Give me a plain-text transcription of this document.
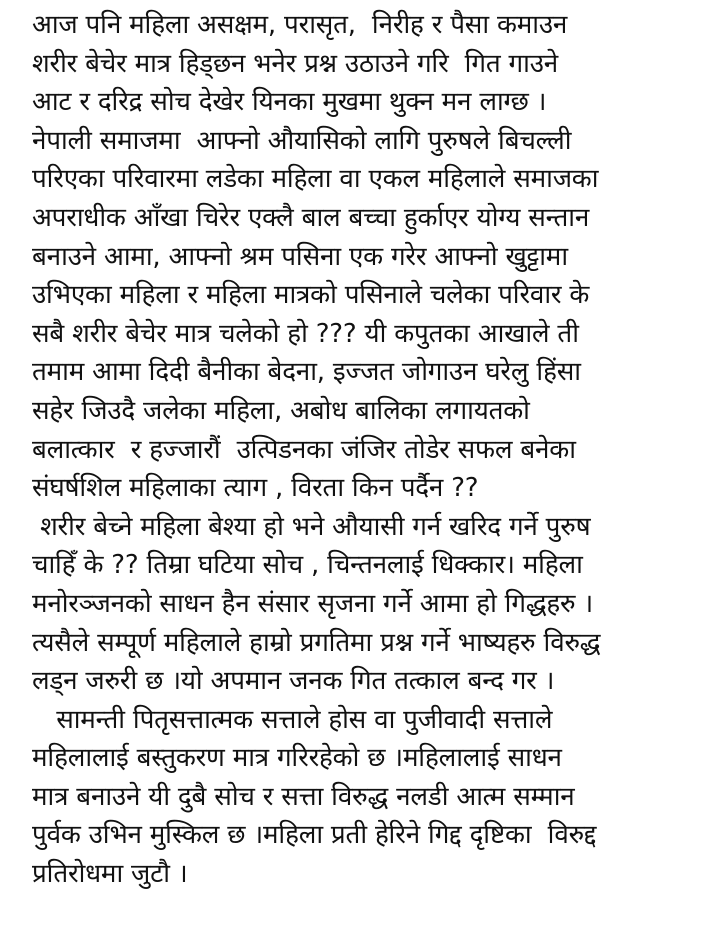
आज पनि महिला असक्षम, परासृत,  निरीह र पैसा कमाउन
शरीर बेचेर मात्र हिड्छन भनेर प्रश्न उठाउने गरि  गित गाउने
आट र दरिद्र सोच देखेर यिनका मुखमा थुक्न मन लाग्छ ।
नेपाली समाजमा  आफ्नो औयासिको लागि पुरुषले बिचल्ली
परिएका परिवारमा लडेका महिला वा एकल महिलाले समाजका
अपराधीक आँखा चिरेर एक्लै बाल बच्चा हुर्काएर योग्य सन्तान
बनाउने आमा, आफ्नो श्रम पसिना एक गरेर आफ्नो खुट्टामा
उभिएका महिला र महिला मात्रको पसिनाले चलेका परिवार के
सबै शरीर बेचेर मात्र चलेको हो ??? यी कपुतका आखाले ती
तमाम आमा दिदी बैनीका बेदना, इज्जत जोगाउन घरेलु हिंसा
सहेर जिउदै जलेका महिला, अबोध बालिका लगायतको
बलात्कार  र हज्जारौं  उत्पिडनका जंजिर तोडेर सफल बनेका
संघर्षशिल महिलाका त्याग , विरता किन पर्दैन ??
शरीर बेच्ने महिला बेश्या हो भने औयासी गर्न खरिद गर्ने पुरुष
चाहिँ के ?? तिम्रा घटिया सोच , चिन्तनलाई धिक्कार। महिला
मनोरञ्जनको साधन हैन संसार सृजना गर्ने आमा हो गिद्धहरु ।
त्यसैले सम्पूर्ण महिलाले हाम्रो प्रगतिमा प्रश्न गर्ने भाष्यहरु विरुद्ध
लड्न जरुरी छ ।यो अपमान जनक गित तत्काल बन्द गर ।
सामन्ती पितृसत्तात्मक सत्ताले होस वा पुजीवादी सत्ताले
महिलालाई बस्तुकरण मात्र गरिरहेको छ ।महिलालाई साधन
मात्र बनाउने यी दुबै सोच र सत्ता विरुद्ध नलडी आत्म सम्मान
पुर्वक उभिन मुस्किल छ ।महिला प्रती हेरिने गिद्द दृष्टिका  विरुद्द
प्रतिरोधमा जुटौ ।
